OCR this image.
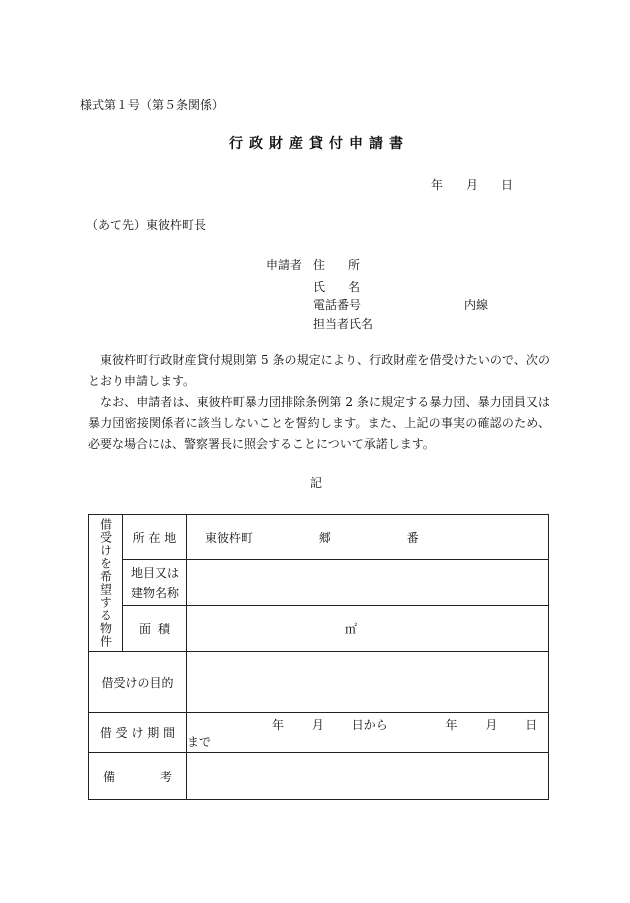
様式第１号（第５条関係）
行政財産貸付申請書
年 月 日
（あて先）東彼杵町長
申請者 住 所
氏 名
電話番号	内線
担当者氏名

東彼杵町行政財産貸付規則第 5 条の規定により、行政財産を借受けたいので、次のとおり申請します。

なお、申請者は、東彼杵町暴力団排除条例第 2 条に規定する暴力団、暴力団員又は暴力団密接関係者に該当しないことを誓約します。また、上記の事実の確認のため、必要な場合には、警察署長に照会することについて承諾します。

記
借受けを希望する物件	所 在 地	東彼杵町 郷 番

	地目又は
建物名称	

	面 積	㎡
借受けの目的		
借 受 け 期 間		年 月 日から 年 月 日まで

備 考		
